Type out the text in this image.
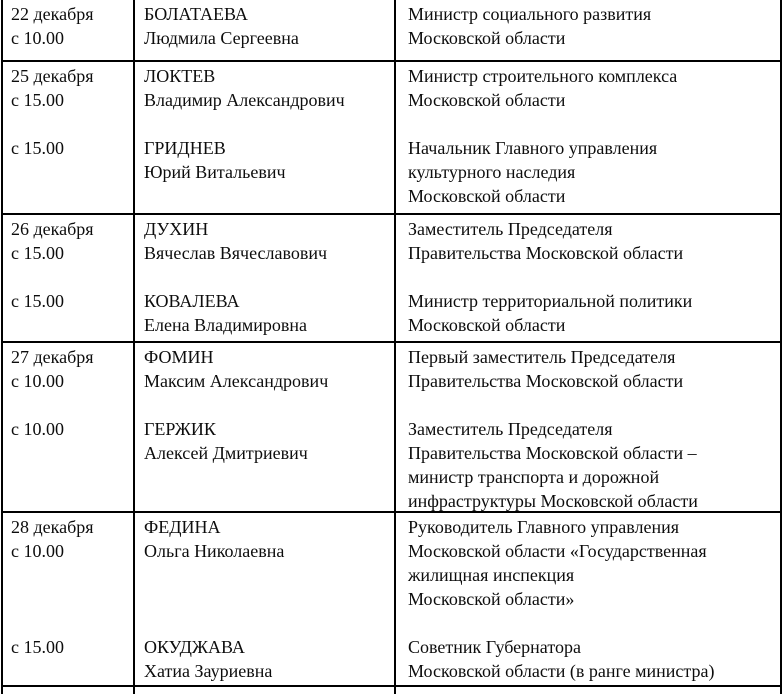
22 декабря
с 10.00
БОЛАТАЕВА
Людмила Сергеевна
Министр социального развития
Московской области
25 декабря
с 15.00
с 15.00
ЛОКТЕВ
Владимир Александрович
ГРИДНЕВ
Юрий Витальевич
Министр строительного комплекса
Московской области
Начальник Главного управления
культурного наследия
Московской области
26 декабря
с 15.00
с 15.00
ДУХИН
Вячеслав Вячеславович
КОВАЛЕВА
Елена Владимировна
Заместитель Председателя
Правительства Московской области
Министр территориальной политики
Московской области
27 декабря
с 10.00
с 10.00
ФОМИН
Максим Александрович
ГЕРЖИК
Алексей Дмитриевич
Первый заместитель Председателя
Правительства Московской области
Заместитель Председателя
Правительства Московской области –
министр транспорта и дорожной
инфраструктуры Московской области
28 декабря
с 10.00
с 15.00
ФЕДИНА
Ольга Николаевна
ОКУДЖАВА
Хатиа Зауриевна
Руководитель Главного управления
Московской области «Государственная
жилищная инспекция
Московской области»
Советник Губернатора
Московской области (в ранге министра)
